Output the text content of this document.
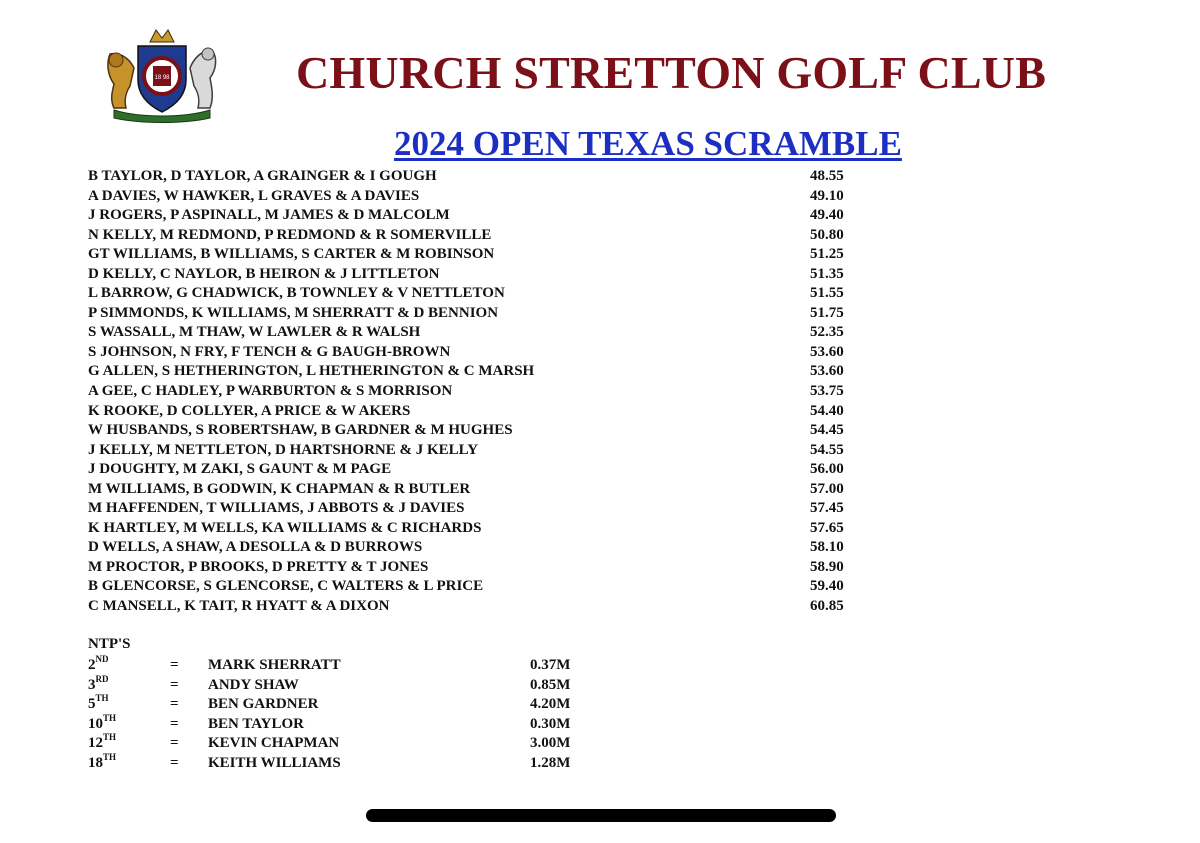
18 98	CHURCH STRETTON GOLF CLUB
2024 OPEN TEXAS SCRAMBLE
B TAYLOR, D TAYLOR, A GRAINGER & I GOUGH	48.55
A DAVIES, W HAWKER, L GRAVES & A DAVIES	49.10
J ROGERS, P ASPINALL, M JAMES & D MALCOLM	49.40
N KELLY, M REDMOND, P REDMOND & R SOMERVILLE	50.80
GT WILLIAMS, B WILLIAMS, S CARTER & M ROBINSON	51.25
D KELLY, C NAYLOR, B HEIRON & J LITTLETON	51.35
L BARROW, G CHADWICK, B TOWNLEY & V NETTLETON	51.55
P SIMMONDS, K WILLIAMS, M SHERRATT & D BENNION	51.75
S WASSALL, M THAW, W LAWLER & R WALSH	52.35
S JOHNSON, N FRY, F TENCH & G BAUGH-BROWN	53.60
G ALLEN, S HETHERINGTON, L HETHERINGTON & C MARSH	53.60
A GEE, C HADLEY, P WARBURTON & S MORRISON	53.75
K ROOKE, D COLLYER, A PRICE & W AKERS	54.40
W HUSBANDS, S ROBERTSHAW, B GARDNER & M HUGHES	54.45
J KELLY, M NETTLETON, D HARTSHORNE & J KELLY	54.55
J DOUGHTY, M ZAKI, S GAUNT & M PAGE	56.00
M WILLIAMS, B GODWIN, K CHAPMAN & R BUTLER	57.00
M HAFFENDEN, T WILLIAMS, J ABBOTS & J DAVIES	57.45
K HARTLEY, M WELLS, KA WILLIAMS & C RICHARDS	57.65
D WELLS, A SHAW, A DESOLLA & D BURROWS	58.10
M PROCTOR, P BROOKS, D PRETTY & T JONES	58.90
B GLENCORSE, S GLENCORSE, C WALTERS & L PRICE	59.40
C MANSELL, K TAIT, R HYATT & A DIXON	60.85
NTP'S
2ND	= MARK SHERRATT	0.37M
3RD	= ANDY SHAW	0.85M
5TH	= BEN GARDNER	4.20M
10TH	= BEN TAYLOR	0.30M
12TH	= KEVIN CHAPMAN	3.00M
18TH	= KEITH WILLIAMS	1.28M
